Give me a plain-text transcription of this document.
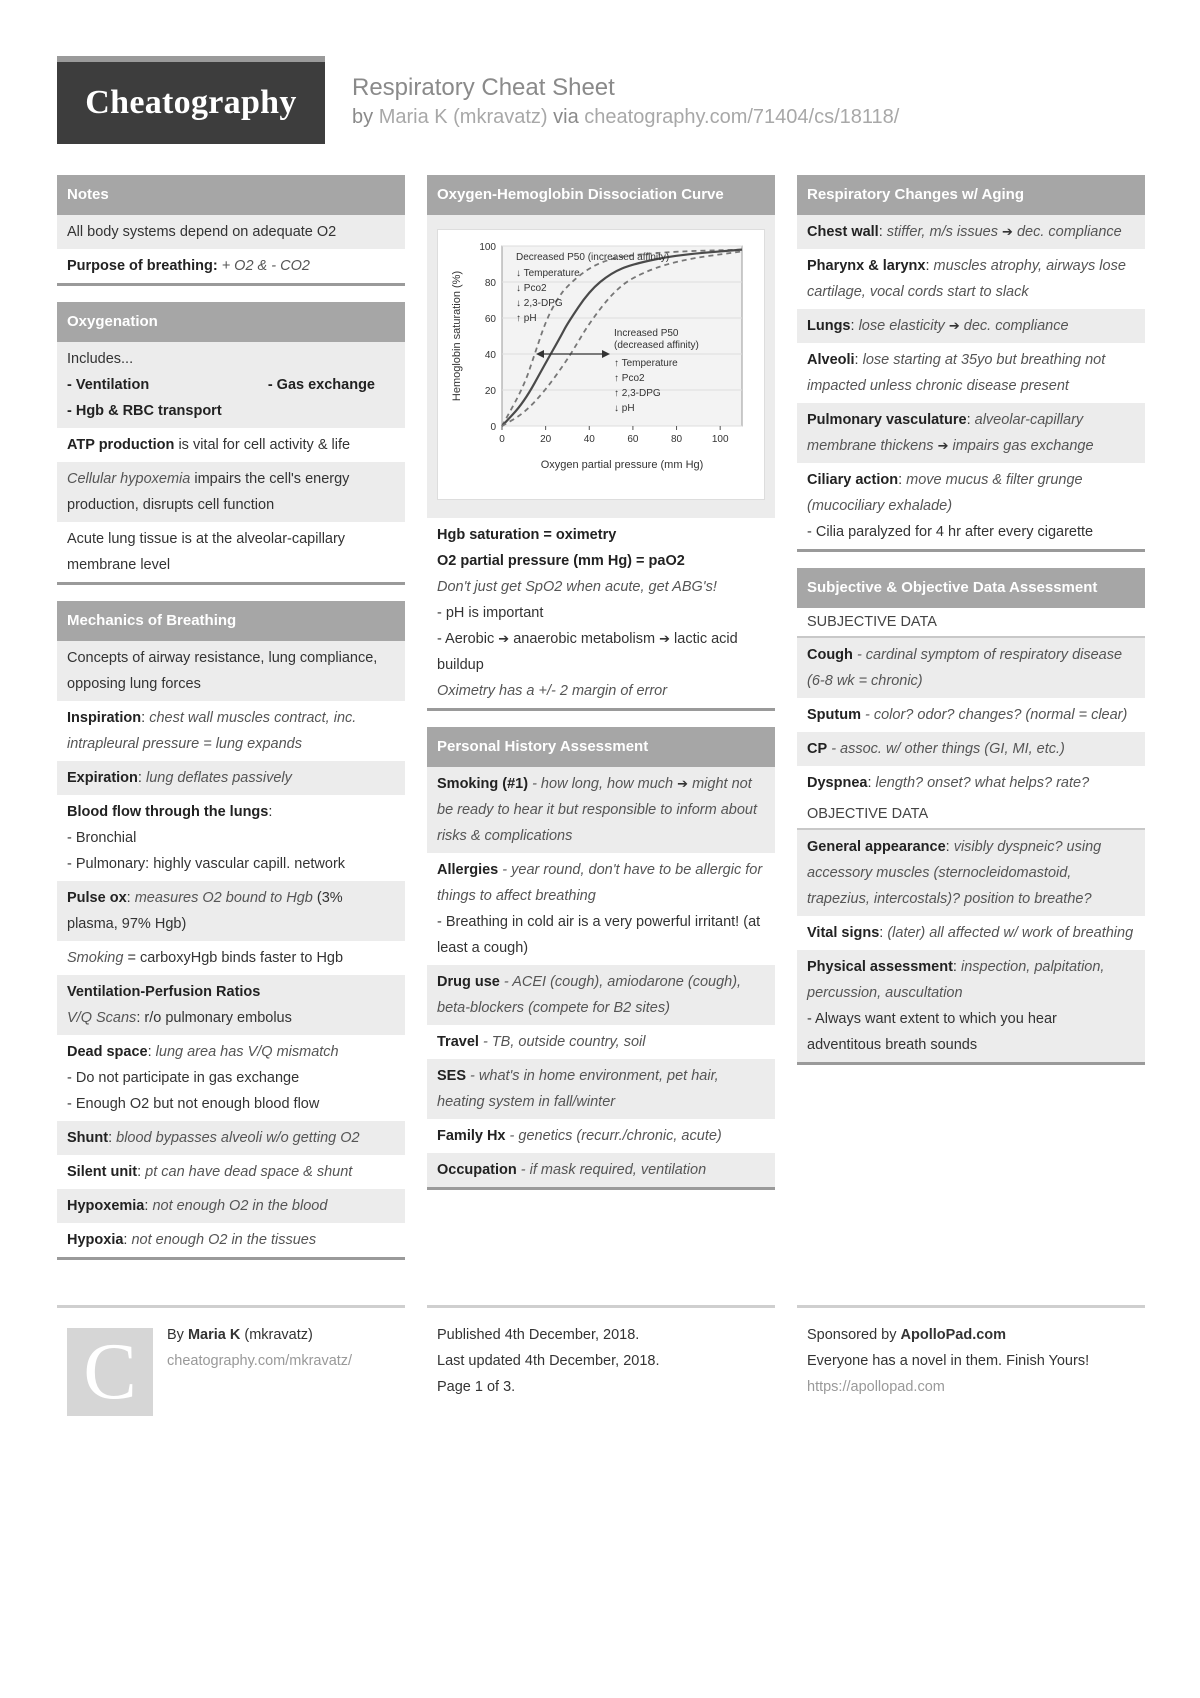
Cheatography	Respiratory Cheat Sheet
by Maria K (mkravatz) via cheatography.com/71404/cs/18118/
Notes
All body systems depend on adequate O2
Purpose of breathing: + O2 & - CO2
Oxygenation
Includes...
- Ventilation	- Gas exchange
- Hgb & RBC transport
ATP production is vital for cell activity & life
Cellular hypoxemia impairs the cell's energy production, disrupts cell function
Acute lung tissue is at the alveolar-capillary membrane level
Mechanics of Breathing
Concepts of airway resistance, lung compliance, opposing lung forces
Inspiration: chest wall muscles contract, inc. intrapleural pressure = lung expands
Expiration: lung deflates passively
Blood flow through the lungs:
- Bronchial
- Pulmonary: highly vascular capill. network
Pulse ox: measures O2 bound to Hgb (3% plasma, 97% Hgb)
Smoking = carboxyHgb binds faster to Hgb
Ventilation-Perfusion Ratios
V/Q Scans: r/o pulmonary embolus
Dead space: lung area has V/Q mismatch
- Do not participate in gas exchange
- Enough O2 but not enough blood flow
Shunt: blood bypasses alveoli w/o getting O2
Silent unit: pt can have dead space & shunt
Hypoxemia: not enough O2 in the blood
Hypoxia: not enough O2 in the tissues
Oxygen-Hemoglobin Dissociation Curve
0
20
40
60
80
100
0	20	40	60	80	100
Oxygen partial pressure (mm Hg)
Hemoglobin saturation (%)
Decreased P50 (increased affinity)
↓ Temperature
↓ Pco2
↓ 2,3-DPG
↑ pH
Increased P50
(decreased affinity)
↑ Temperature
↑ Pco2
↑ 2,3-DPG
↓ pH
Hgb saturation = oximetry
O2 partial pressure (mm Hg) = paO2
Don't just get SpO2 when acute, get ABG's!
- pH is important
- Aerobic ➔ anaerobic metabolism ➔ lactic acid buildup
Oximetry has a +/- 2 margin of error
Personal History Assessment
Smoking (#1) - how long, how much ➔ might not be ready to hear it but responsible to inform about risks & complications
Allergies - year round, don't have to be allergic for things to affect breathing
- Breathing in cold air is a very powerful irritant! (at least a cough)
Drug use - ACEI (cough), amiodarone (cough), beta-blockers (compete for B2 sites)
Travel - TB, outside country, soil
SES - what's in home environment, pet hair, heating system in fall/winter
Family Hx - genetics (recurr./chronic, acute)
Occupation - if mask required, ventilation
Respiratory Changes w/ Aging
Chest wall: stiffer, m/s issues ➔ dec. compliance
Pharynx & larynx: muscles atrophy, airways lose cartilage, vocal cords start to slack
Lungs: lose elasticity ➔ dec. compliance
Alveoli: lose starting at 35yo but breathing not impacted unless chronic disease present
Pulmonary vasculature: alveolar-capillary membrane thickens ➔ impairs gas exchange
Ciliary action: move mucus & filter grunge (mucociliary exhalade)
- Cilia paralyzed for 4 hr after every cigarette
Subjective & Objective Data Assessment
SUBJECTIVE DATA
Cough - cardinal symptom of respiratory disease (6-8 wk = chronic)
Sputum - color? odor? changes? (normal = clear)
CP - assoc. w/ other things (GI, MI, etc.)
Dyspnea: length? onset? what helps? rate?
OBJECTIVE DATA
General appearance: visibly dyspneic? using accessory muscles (sternocleidomastoid, trapezius, intercostals)? position to breathe?
Vital signs: (later) all affected w/ work of breathing
Physical assessment: inspection, palpitation, percussion, auscultation
- Always want extent to which you hear adventitous breath sounds
C	By Maria K (mkravatz)
cheatography.com/mkravatz/
Published 4th December, 2018.
Last updated 4th December, 2018.
Page 1 of 3.
Sponsored by ApolloPad.com
Everyone has a novel in them. Finish Yours!
https://apollopad.com
